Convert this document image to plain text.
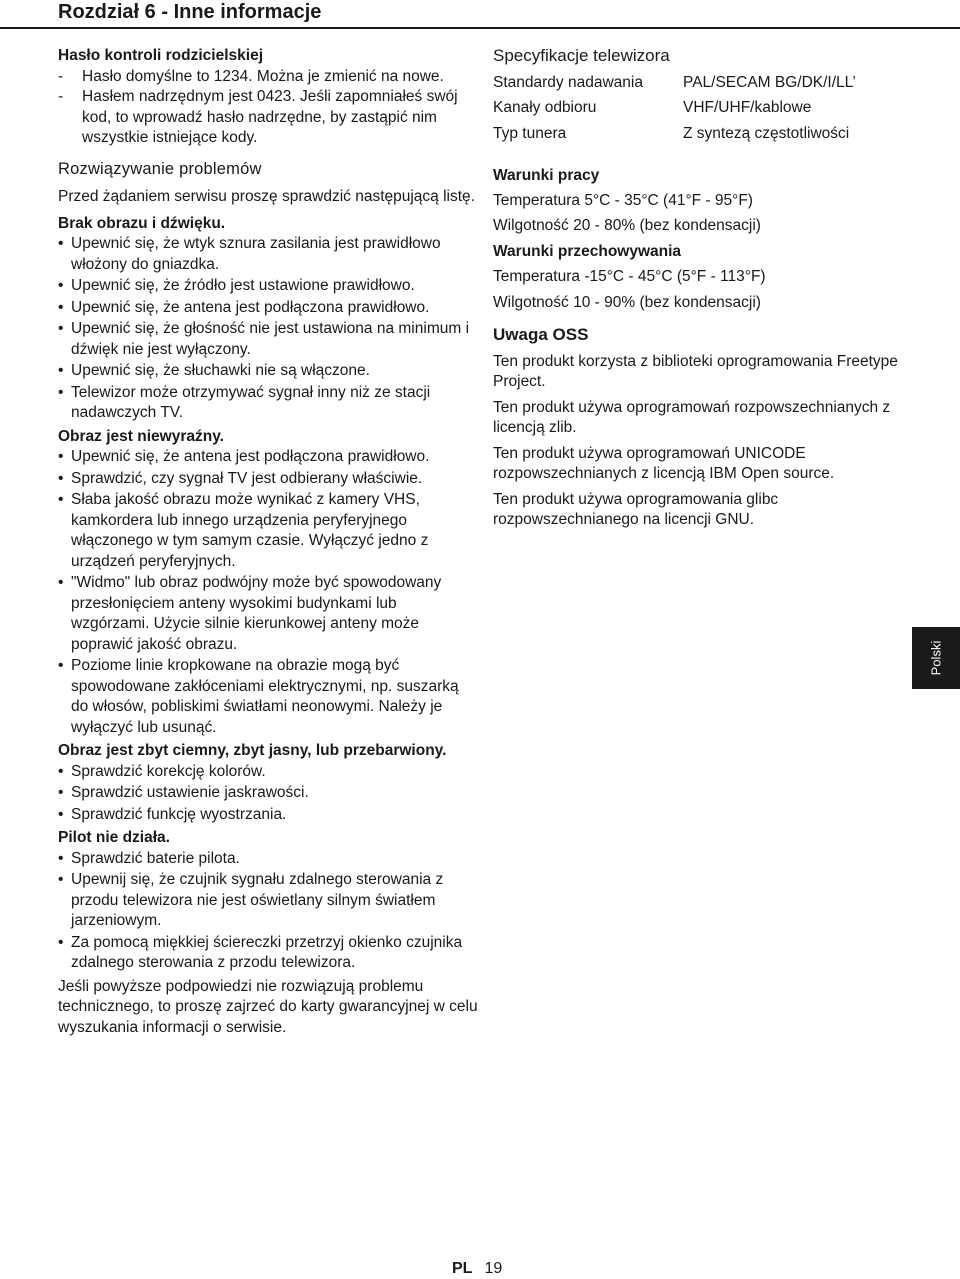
Rozdział 6 - Inne informacje
Hasło kontroli rodzicielskiej
- Hasło domyślne to 1234. Można je zmienić na nowe.
- Hasłem nadrzędnym jest 0423. Jeśli zapomniałeś swój kod, to wprowadź hasło nadrzędne, by zastąpić nim wszystkie istniejące kody.
Rozwiązywanie problemów

Przed żądaniem serwisu proszę sprawdzić następującą listę.

Brak obrazu i dźwięku.
• Upewnić się, że wtyk sznura zasilania jest prawidłowo włożony do gniazdka.
• Upewnić się, że źródło jest ustawione prawidłowo.
• Upewnić się, że antena jest podłączona prawidłowo.
• Upewnić się, że głośność nie jest ustawiona na minimum i dźwięk nie jest wyłączony.
• Upewnić się, że słuchawki nie są włączone.
• Telewizor może otrzymywać sygnał inny niż ze stacji nadawczych TV.
Obraz jest niewyraźny.
• Upewnić się, że antena jest podłączona prawidłowo.
• Sprawdzić, czy sygnał TV jest odbierany właściwie.
• Słaba jakość obrazu może wynikać z kamery VHS, kamkordera lub innego urządzenia peryferyjnego włączonego w tym samym czasie. Wyłączyć jedno z urządzeń peryferyjnych.
• "Widmo" lub obraz podwójny może być spowodowany przesłonięciem anteny wysokimi budynkami lub wzgórzami. Użycie silnie kierunkowej anteny może poprawić jakość obrazu.
• Poziome linie kropkowane na obrazie mogą być spowodowane zakłóceniami elektrycznymi, np. suszarką do włosów, pobliskimi światłami neonowymi. Należy je wyłączyć lub usunąć.
Obraz jest zbyt ciemny, zbyt jasny, lub przebarwiony.
• Sprawdzić korekcję kolorów.
• Sprawdzić ustawienie jaskrawości.
• Sprawdzić funkcję wyostrzania.
Pilot nie działa.
• Sprawdzić baterie pilota.
• Upewnij się, że czujnik sygnału zdalnego sterowania z przodu telewizora nie jest oświetlany silnym światłem jarzeniowym.
• Za pomocą miękkiej ściereczki przetrzyj okienko czujnika zdalnego sterowania z przodu telewizora.

Jeśli powyższe podpowiedzi nie rozwiązują problemu technicznego, to proszę zajrzeć do karty gwarancyjnej w celu wyszukania informacji o serwisie.

Specyfikacje telewizora
Standardy nadawania	PAL/SECAM BG/DK/I/LL’
Kanały odbioru	VHF/UHF/kablowe
Typ tunera	Z syntezą częstotliwości
Warunki pracy
Temperatura 5°C - 35°C (41°F - 95°F)
Wilgotność 20 - 80% (bez kondensacji)
Warunki przechowywania
Temperatura -15°C - 45°C (5°F - 113°F)
Wilgotność 10 - 90% (bez kondensacji)
Uwaga OSS
Ten produkt korzysta z biblioteki oprogramowania Freetype Project.
Ten produkt używa oprogramowań rozpowszechnianych z licencją zlib.
Ten produkt używa oprogramowań UNICODE rozpowszechnianych z licencją IBM Open source.
Ten produkt używa oprogramowania glibc rozpowszechnianego na licencji GNU.
Polski
PL 19
